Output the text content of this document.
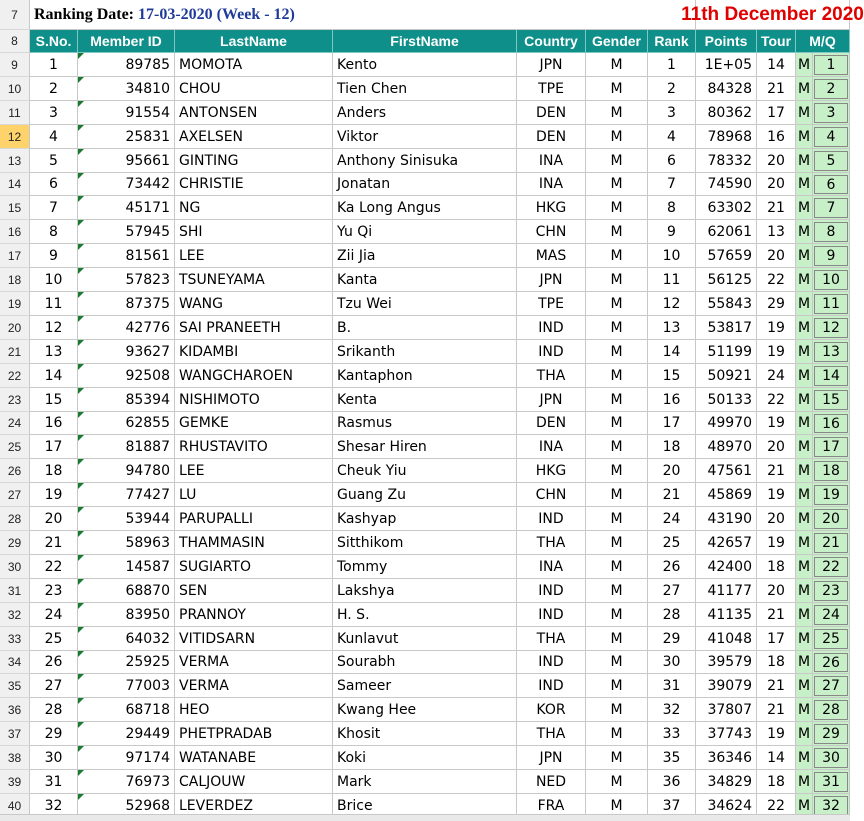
7	Ranking Date:
17-03-2020 (Week - 12)	11th December 2020
8	S.No.	Member ID	LastName	FirstName	Country	Gender Rank	Points Tour	M/Q
9	1	89785 MOMOTA	Kento	JPN	M	1	1E+05	14 M	1
10	2	34810 CHOU	Tien Chen	TPE	M	2	84328	21 M	2
11	3	91554 ANTONSEN	Anders	DEN	M	3	80362	17 M	3
12	4	25831 AXELSEN	Viktor	DEN	M	4	78968	16 M	4
13	5	95661 GINTING	Anthony Sinisuka	INA	M	6	78332	20 M	5
14	6	73442 CHRISTIE	Jonatan	INA	M	7	74590	20 M	6
15	7	45171 NG	Ka Long Angus	HKG	M	8	63302	21 M	7
16	8	57945 SHI	Yu Qi	CHN	M	9	62061	13 M	8
17	9	81561 LEE	Zii Jia	MAS	M	10	57659	20 M	9
18	10	57823 TSUNEYAMA	Kanta	JPN	M	11	56125	22 M 10
19	11	87375 WANG	Tzu Wei	TPE	M	12	55843	29 M 11
20	12	42776 SAI PRANEETH	B.	IND	M	13	53817	19 M 12
21	13	93627 KIDAMBI	Srikanth	IND	M	14	51199	19 M 13
22	14	92508 WANGCHAROEN	Kantaphon	THA	M	15	50921	24 M 14
23	15	85394 NISHIMOTO	Kenta	JPN	M	16	50133	22 M 15
24	16	62855 GEMKE	Rasmus	DEN	M	17	49970	19 M 16
25	17	81887 RHUSTAVITO	Shesar Hiren	INA	M	18	48970	20 M 17
26	18	94780 LEE	Cheuk Yiu	HKG	M	20	47561	21 M 18
27	19	77427 LU	Guang Zu	CHN	M	21	45869	19 M 19
28	20	53944 PARUPALLI	Kashyap	IND	M	24	43190	20 M 20
29	21	58963 THAMMASIN	Sitthikom	THA	M	25	42657	19 M 21
30	22	14587 SUGIARTO	Tommy	INA	M	26	42400	18 M 22
31	23	68870 SEN	Lakshya	IND	M	27	41177	20 M 23
32	24	83950 PRANNOY	H. S.	IND	M	28	41135	21 M 24
33	25	64032 VITIDSARN	Kunlavut	THA	M	29	41048	17 M 25
34	26	25925 VERMA	Sourabh	IND	M	30	39579	18 M 26
35	27	77003 VERMA	Sameer	IND	M	31	39079	21 M 27
36	28	68718 HEO	Kwang Hee	KOR	M	32	37807	21 M 28
37	29	29449 PHETPRADAB	Khosit	THA	M	33	37743	19 M 29
38	30	97174 WATANABE	Koki	JPN	M	35	36346	14 M 30
39	31	76973 CALJOUW	Mark	NED	M	36	34829	18 M 31
40	32	52968 LEVERDEZ	Brice	FRA	M	37	34624	22 M 32
